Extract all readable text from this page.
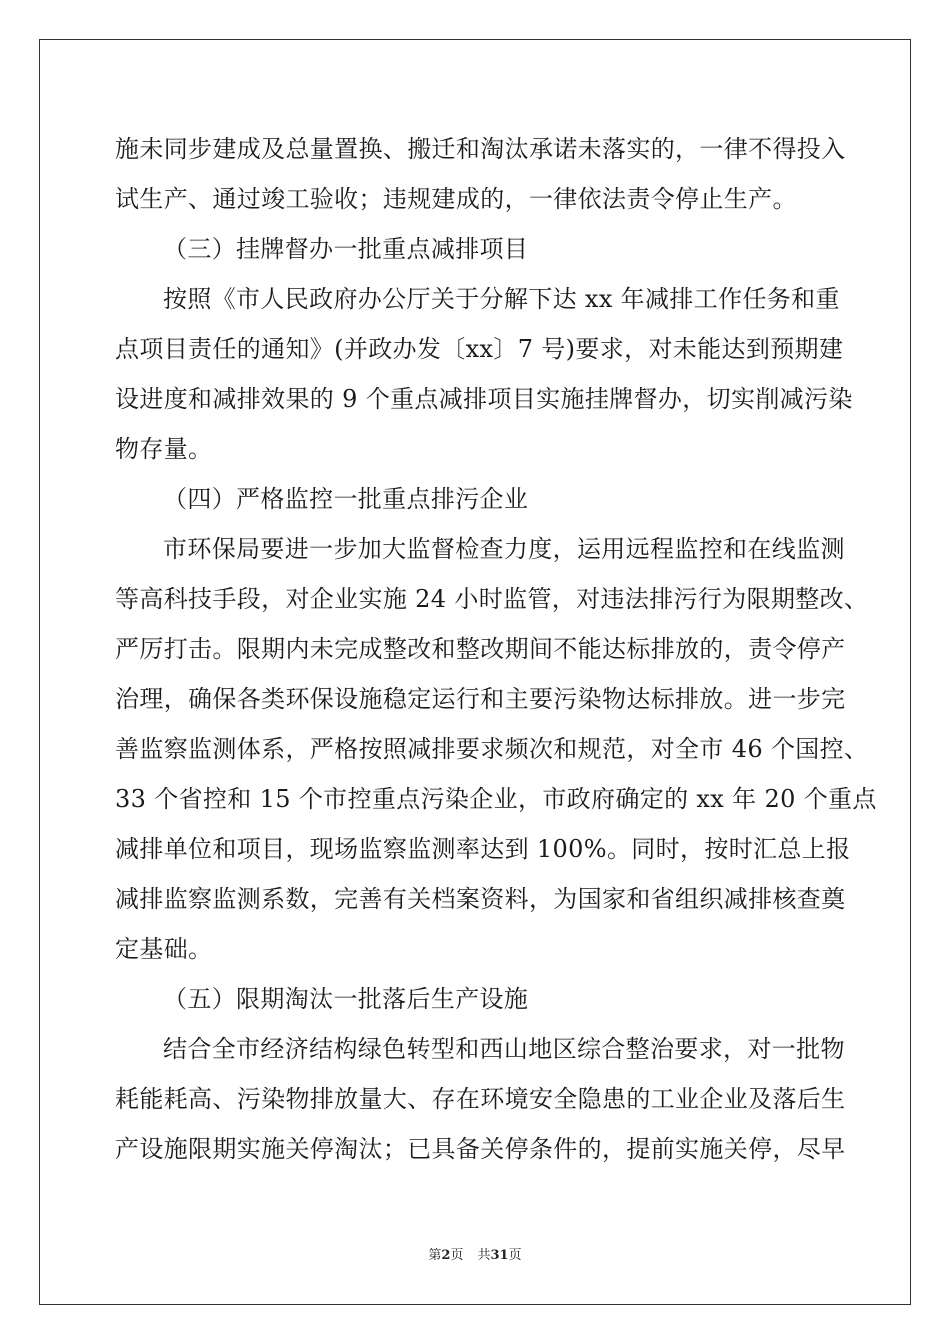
施未同步建成及总量置换、搬迁和淘汰承诺未落实的，一律不得投入
试生产、通过竣工验收；违规建成的，一律依法责令停止生产。
（三）挂牌督办一批重点减排项目
按照《市人民政府办公厅关于分解下达 xx 年减排工作任务和重
点项目责任的通知》(并政办发〔xx〕7 号)要求，对未能达到预期建
设进度和减排效果的 9 个重点减排项目实施挂牌督办，切实削减污染
物存量。
（四）严格监控一批重点排污企业
市环保局要进一步加大监督检查力度，运用远程监控和在线监测
等高科技手段，对企业实施 24 小时监管，对违法排污行为限期整改、
严厉打击。限期内未完成整改和整改期间不能达标排放的，责令停产
治理，确保各类环保设施稳定运行和主要污染物达标排放。进一步完
善监察监测体系，严格按照减排要求频次和规范，对全市 46 个国控、
33 个省控和 15 个市控重点污染企业，市政府确定的 xx 年 20 个重点
减排单位和项目，现场监察监测率达到 100%。同时，按时汇总上报
减排监察监测系数，完善有关档案资料，为国家和省组织减排核查奠
定基础。
（五）限期淘汰一批落后生产设施
结合全市经济结构绿色转型和西山地区综合整治要求，对一批物
耗能耗高、污染物排放量大、存在环境安全隐患的工业企业及落后生
产设施限期实施关停淘汰；已具备关停条件的，提前实施关停，尽早
第2页 共31页
